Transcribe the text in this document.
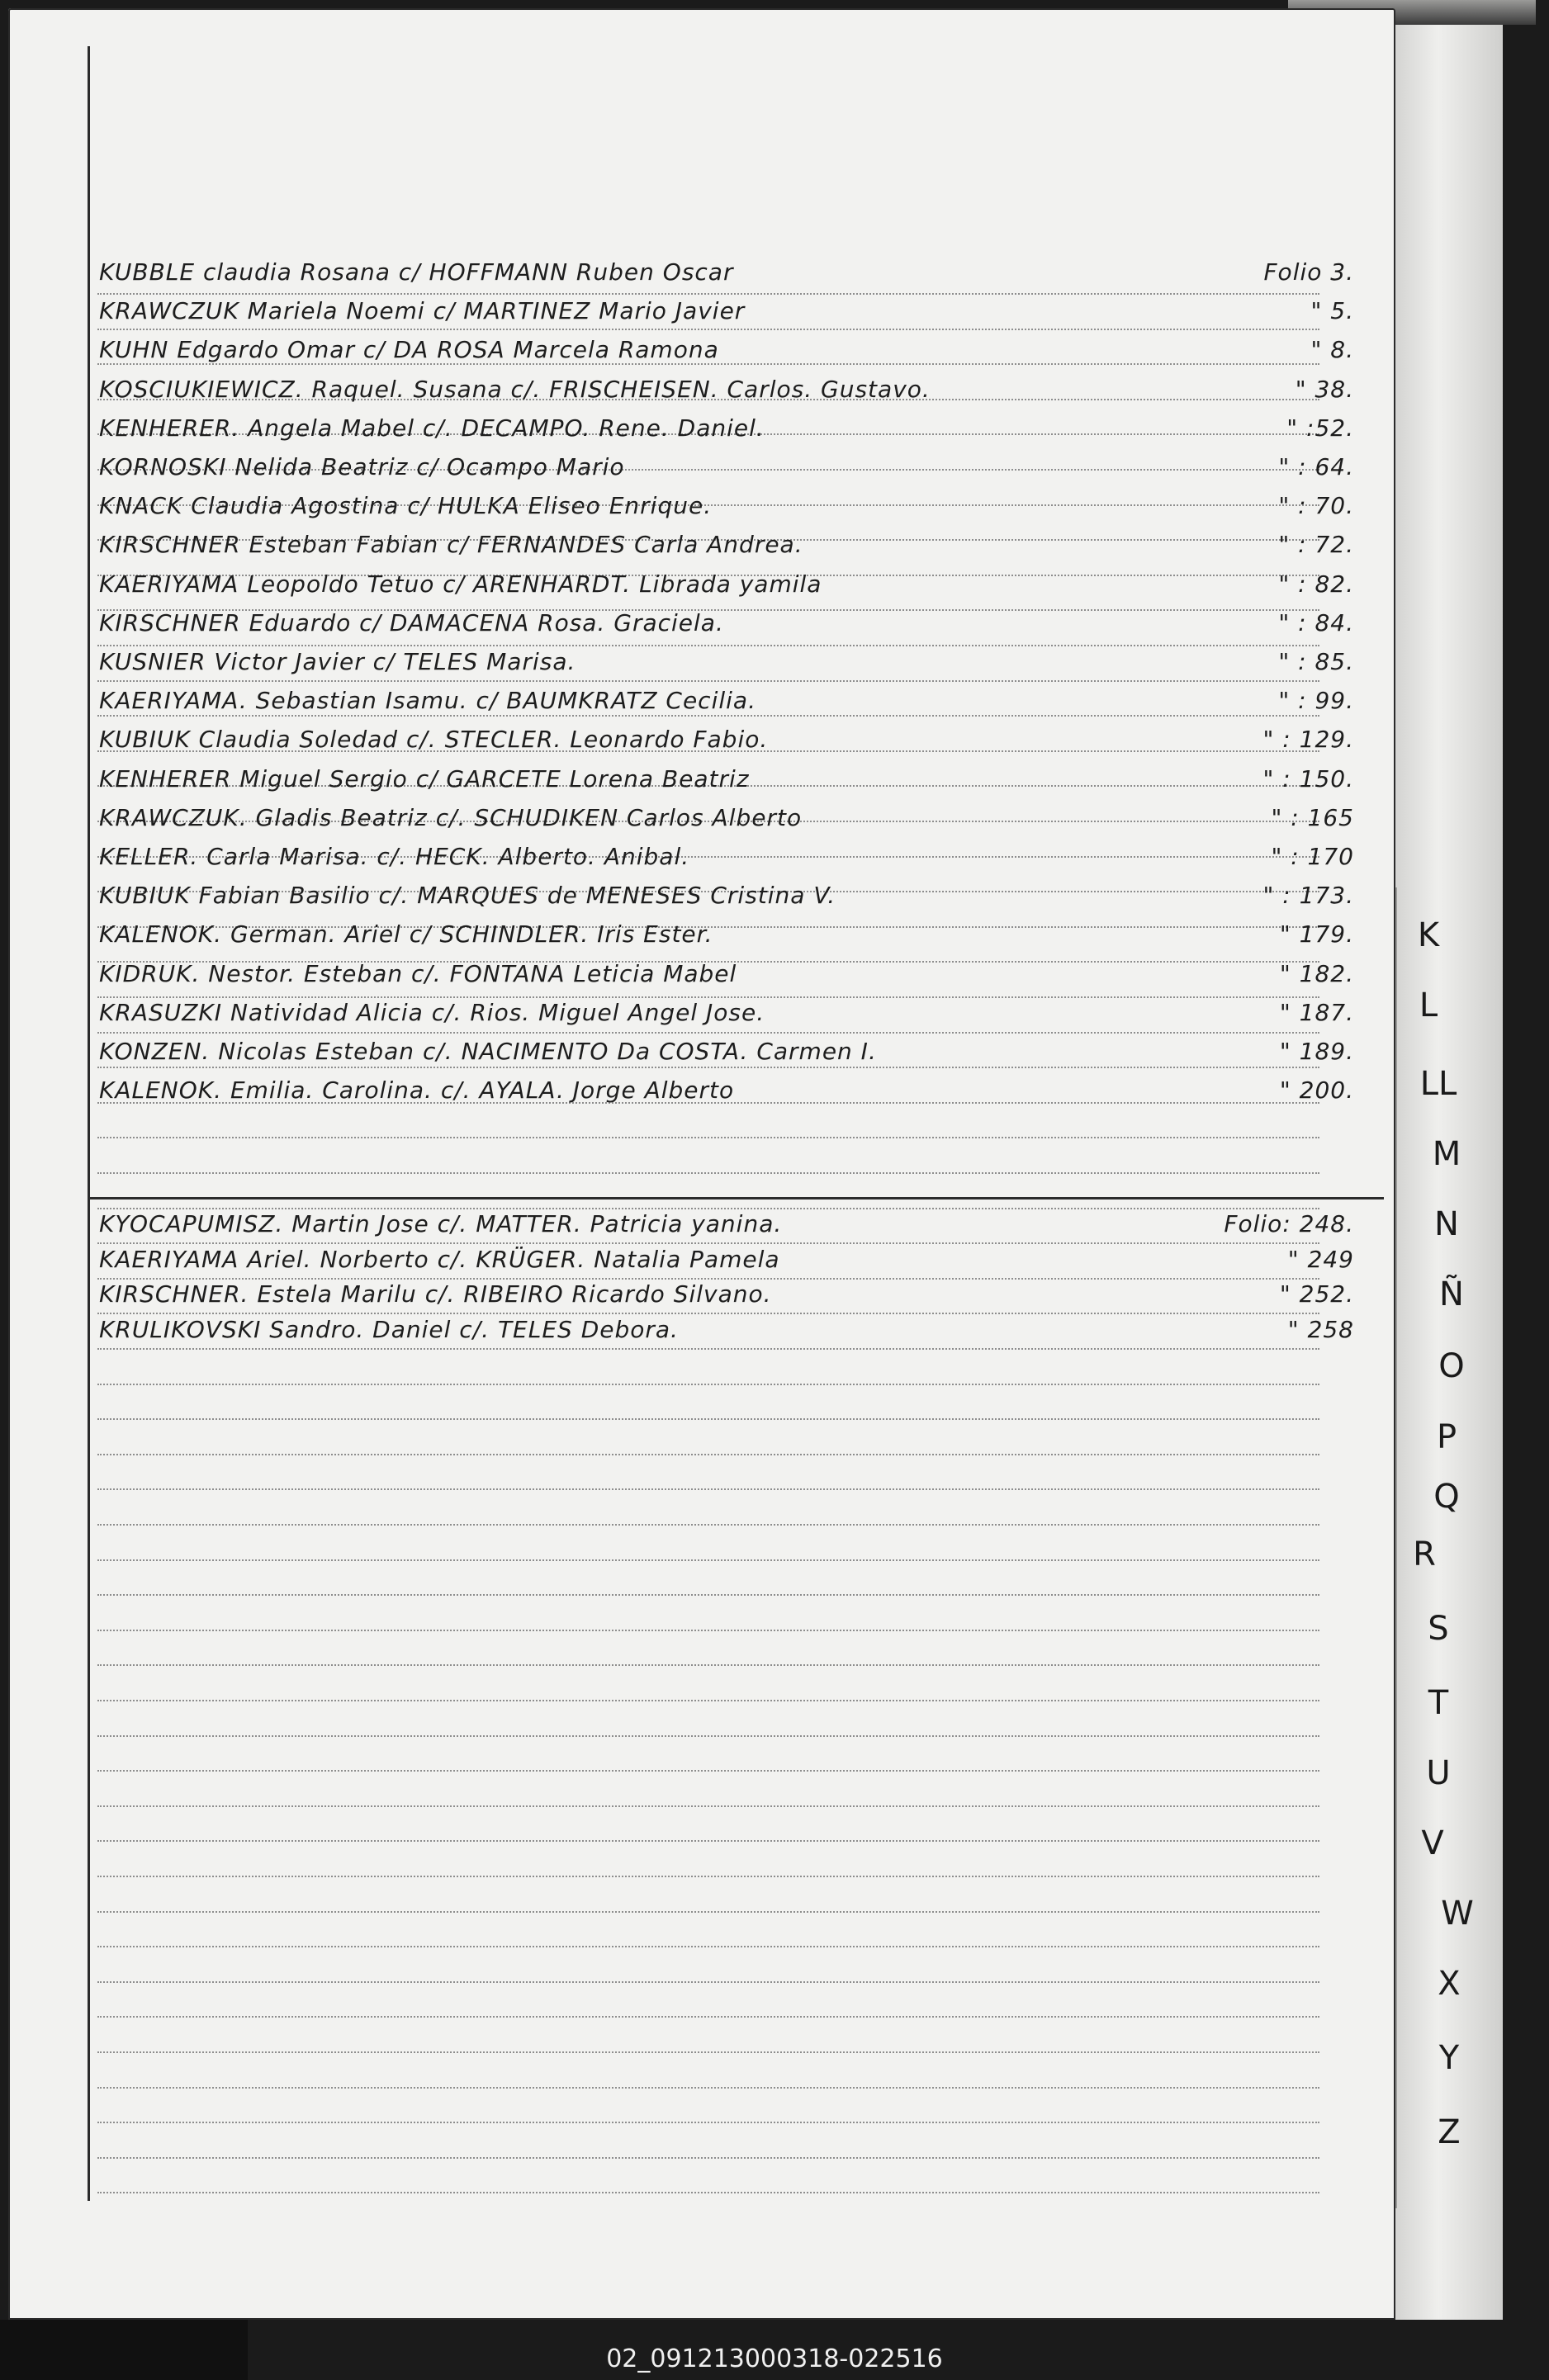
KUBBLE claudia Rosana c/ HOFFMANN Ruben Oscar	Folio 3.
KRAWCZUK Mariela Noemi c/ MARTINEZ Mario Javier	" 5.
KUHN Edgardo Omar c/ DA ROSA Marcela Ramona	" 8.
KOSCIUKIEWICZ. Raquel. Susana c/. FRISCHEISEN. Carlos. Gustavo.	" 38.
KENHERER. Angela Mabel c/. DECAMPO. Rene. Daniel.	" :52.
KORNOSKI Nelida Beatriz c/ Ocampo Mario	" : 64.
KNACK Claudia Agostina c/ HULKA Eliseo Enrique.	" : 70.
KIRSCHNER Esteban Fabian c/ FERNANDES Carla Andrea.	" : 72.
KAERIYAMA Leopoldo Tetuo c/ ARENHARDT. Librada yamila	" : 82.
KIRSCHNER Eduardo c/ DAMACENA Rosa. Graciela.	" : 84.
KUSNIER Victor Javier c/ TELES Marisa.	" : 85.
KAERIYAMA. Sebastian Isamu. c/ BAUMKRATZ Cecilia.	" : 99.
KUBIUK Claudia Soledad c/. STECLER. Leonardo Fabio.	" : 129.
KENHERER Miguel Sergio c/ GARCETE Lorena Beatriz	" : 150.
KRAWCZUK. Gladis Beatriz c/. SCHUDIKEN Carlos Alberto	" : 165
KELLER. Carla Marisa. c/. HECK. Alberto. Anibal.	" : 170
KUBIUK Fabian Basilio c/. MARQUES de MENESES Cristina V.	" : 173.
KALENOK. German. Ariel c/ SCHINDLER. Iris Ester.	" 179.
KIDRUK. Nestor. Esteban c/. FONTANA Leticia Mabel	" 182.
KRASUZKI Natividad Alicia c/. Rios. Miguel Angel Jose.	" 187.
KONZEN. Nicolas Esteban c/. NACIMENTO Da COSTA. Carmen I.	" 189.
KALENOK. Emilia. Carolina. c/. AYALA. Jorge Alberto	" 200.
KYOCAPUMISZ. Martin Jose c/. MATTER. Patricia yanina.	Folio: 248.
KAERIYAMA Ariel. Norberto c/. KRÜGER. Natalia Pamela	" 249
KIRSCHNER. Estela Marilu c/. RIBEIRO Ricardo Silvano.	" 252.
KRULIKOVSKI Sandro. Daniel c/. TELES Debora.	" 258
K
L
LL
M
N
Ñ
O
P
Q
R
S
T
U
V
W
X
Y
Z
02_091213000318-022516
